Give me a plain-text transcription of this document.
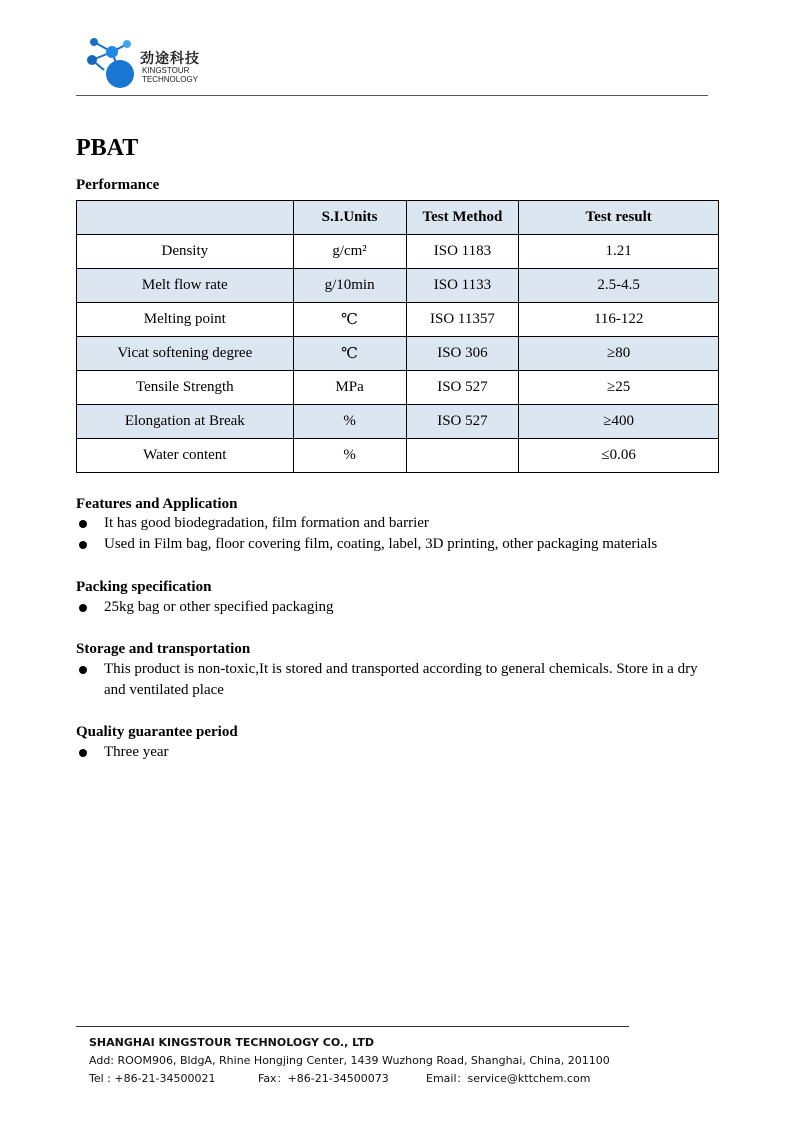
劲途科技
KINGSTOUR
TECHNOLOGY
PBAT
Performance
	S.I.Units	Test Method	Test result
Density	g/cm²	ISO 1183	1.21
Melt flow rate	g/10min	ISO 1133	2.5-4.5
Melting point	℃	ISO 11357	116-122
Vicat softening degree	℃	ISO 306	≥80
Tensile Strength	MPa	ISO 527	≥25
Elongation at Break	%	ISO 527	≥400
Water content	%		≤0.06
Features and Application
It has good biodegradation, film formation and barrier
Used in Film bag, floor covering film, coating, label, 3D printing, other packaging materials
Packing specification
25kg bag or other specified packaging
Storage and transportation
This product is non-toxic,It is stored and transported according to general chemicals. Store in a dry and ventilated place
Quality guarantee period
Three year
SHANGHAI KINGSTOUR TECHNOLOGY CO., LTD
Add: ROOM906, BldgA, Rhine Hongjing Center, 1439 Wuzhong Road, Shanghai, China, 201100
Tel : +86-21-34500021	Fax：+86-21-34500073	Email：service@kttchem.com
